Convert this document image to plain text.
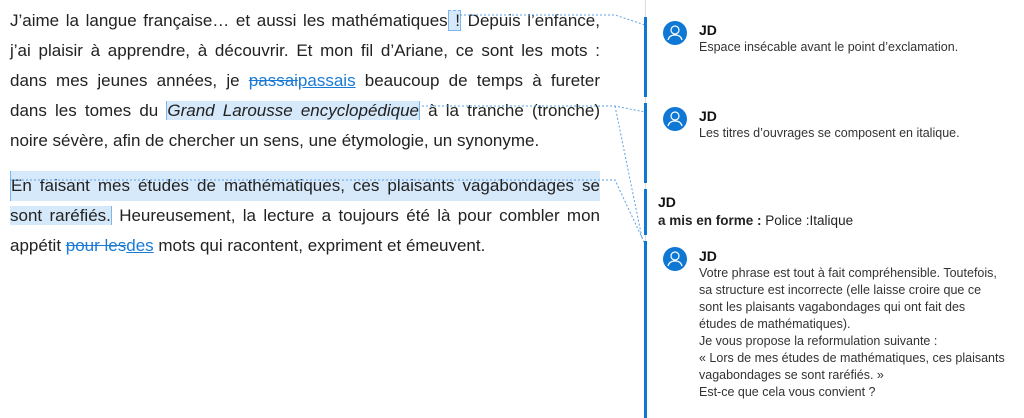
J’aime la langue française… et aussi les mathématiques ! Depuis l’enfance,
j’ai plaisir à apprendre, à découvrir. Et mon fil d’Ariane, ce sont les mots :
dans mes jeunes années, je passaipassais beaucoup de temps à fureter
dans les tomes du Grand Larousse encyclopédique à la tranche (tronche)
noire sévère, afin de chercher un sens, une étymologie, un synonyme.
En faisant mes études de mathématiques, ces plaisants vagabondages se
sont raréfiés. Heureusement, la lecture a toujours été là pour combler mon
appétit pour lesdes mots qui racontent, expriment et émeuvent.
JD
Espace insécable avant le point d’exclamation.
JD
Les titres d’ouvrages se composent en italique.
JD
a mis en forme : Police :Italique
JD
Votre phrase est tout à fait compréhensible. Toutefois,
sa structure est incorrecte (elle laisse croire que ce
sont les plaisants vagabondages qui ont fait des
études de mathématiques).
Je vous propose la reformulation suivante :
« Lors de mes études de mathématiques, ces plaisants
vagabondages se sont raréfiés. »
Est-ce que cela vous convient ?
